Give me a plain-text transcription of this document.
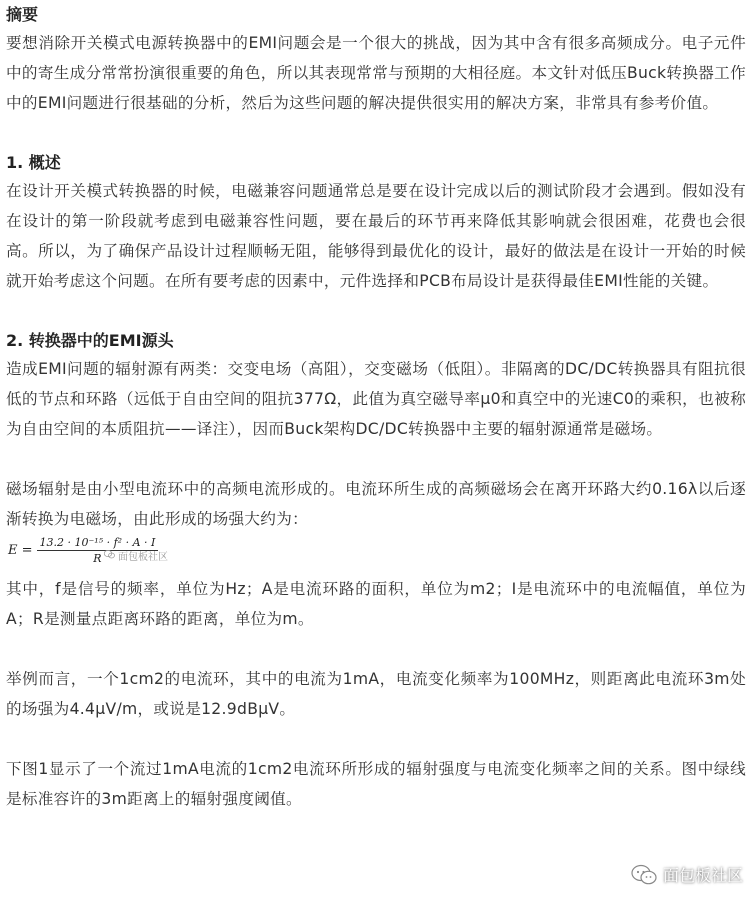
摘要

要想消除开关模式电源转换器中的EMI问题会是一个很大的挑战，因为其中含有很多高频成分。电子元件中的寄生成分常常扮演很重要的角色，所以其表现常常与预期的大相径庭。本文针对低压Buck转换器工作中的EMI问题进行很基础的分析，然后为这些问题的解决提供很实用的解决方案，非常具有参考价值。

1. 概述

在设计开关模式转换器的时候，电磁兼容问题通常总是要在设计完成以后的测试阶段才会遇到。假如没有在设计的第一阶段就考虑到电磁兼容性问题，要在最后的环节再来降低其影响就会很困难，花费也会很高。所以，为了确保产品设计过程顺畅无阻，能够得到最优化的设计，最好的做法是在设计一开始的时候就开始考虑这个问题。在所有要考虑的因素中，元件选择和PCB布局设计是获得最佳EMI性能的关键。

2. 转换器中的EMI源头

造成EMI问题的辐射源有两类：交变电场（高阻），交变磁场（低阻）。非隔离的DC/DC转换器具有阻抗很低的节点和环路（远低于自由空间的阻抗377Ω，此值为真空磁导率μ0和真空中的光速C0的乘积，也被称为自由空间的本质阻抗——译注），因而Buck架构DC/DC转换器中主要的辐射源通常是磁场。

磁场辐射是由小型电流环中的高频电流形成的。电流环所生成的高频磁场会在离开环路大约0.16λ以后逐渐转换为电磁场，由此形成的场强大约为：

$E = \frac{\text{13.2 · 10⁻¹⁵ · f² · A · I}}{R}$
面包板社区

其中，f是信号的频率，单位为Hz；A是电流环路的面积，单位为m2；I是电流环中的电流幅值，单位为A；R是测量点距离环路的距离，单位为m。

举例而言，一个1cm2的电流环，其中的电流为1mA，电流变化频率为100MHz，则距离此电流环3m处的场强为4.4μV/m，或说是12.9dBμV。

下图1显示了一个流过1mA电流的1cm2电流环所形成的辐射强度与电流变化频率之间的关系。图中绿线是标准容许的3m距离上的辐射强度阈值。

面包板社区
